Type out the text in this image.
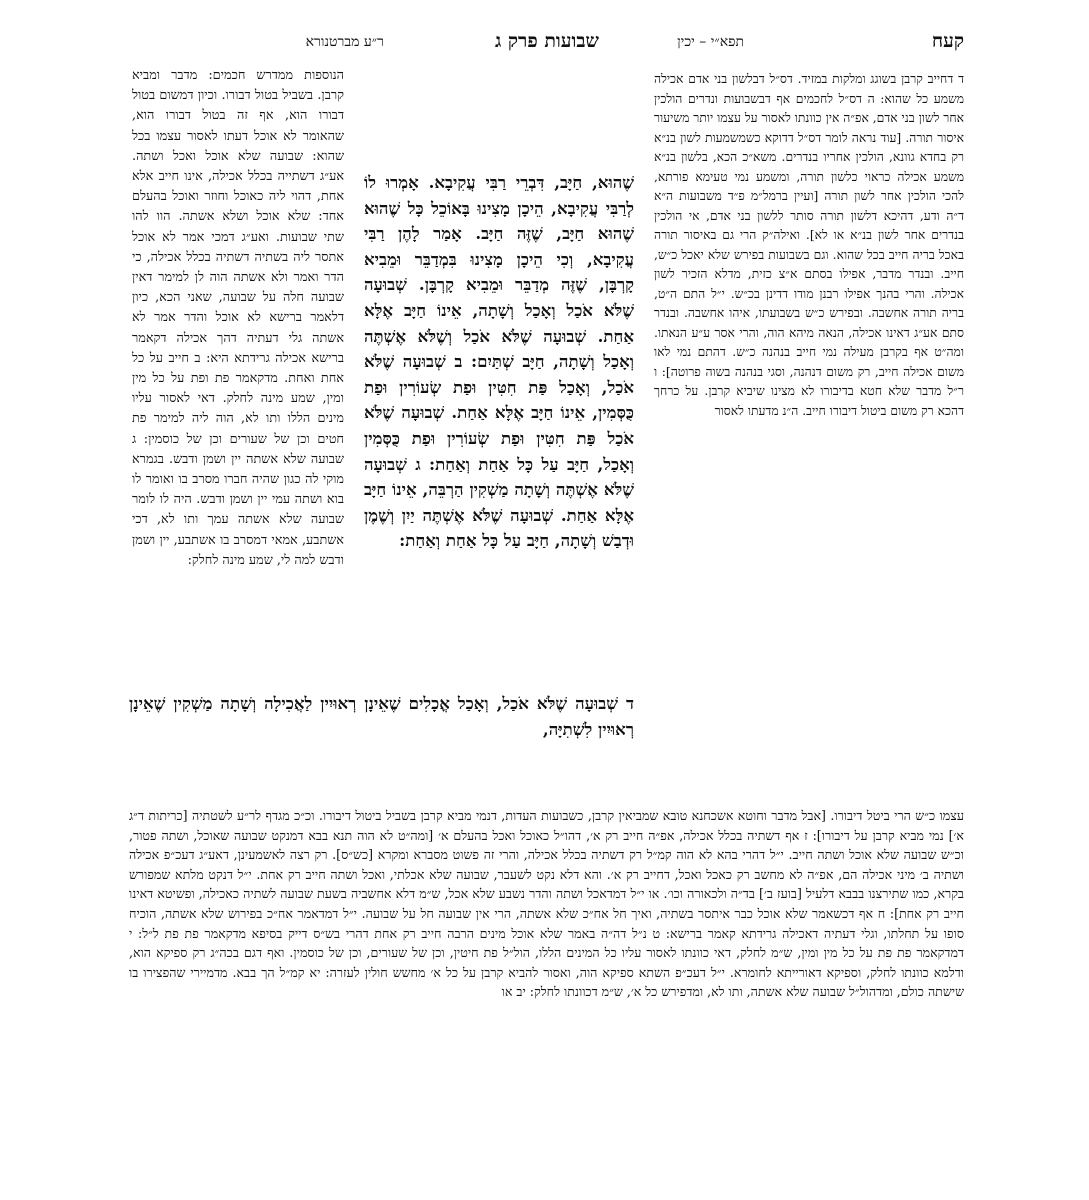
קעח
תפא״י – יכין
שבועות פרק ג
ר״ע מברטנורא

ד דחייב קרבן בשוגג ומלקות במזיד. דס״ל דבלשון בני אדם אכילה משמע כל שהוא: ה דס״ל לחכמים אף דבשבועות ונדרים הולכין אחר לשון בני אדם, אפ״ה אין כוונתו לאסור על עצמו יותר משיעור איסור תורה. [עוד נראה לומר דס״ל דדוקא כשמשמעות לשון בנ״א רק בחדא גוונא, הולכין אחריו בנדרים. משא״כ הכא, בלשון בנ״א משמע אכילה כראוי כלשון תורה, ומשמע נמי טעימא פורתא, להכי הולכין אחר לשון תורה [ועיין ברמל״מ פ״ד משבועות ה״א ד״ה ודע, דהיכא דלשון תורה סותר ללשון בני אדם, אי הולכין בנדרים אחר לשון בנ״א או לא]. ואילה״ק הרי גם באיסור תורה באכל בריה חייב בכל שהוא. וגם בשבועות בפירש שלא יאכל כ״ש, חייב. ובנדר מדבר, אפילו בסתם א״צ כזית, מדלא הזכיר לשון אכילה. והרי בהנך אפילו רבנן מודו דדינן בכ״ש. י״ל התם ה״ט, בריה תורה אחשבה. ובפירש כ״ש בשבועתו, איהו אחשבה. ובנדר סתם אע״ג דאינו אכילה, הנאה מיהא הוה, והרי אסר ע״ע הנאתו. ומה״ט אף בקרבן מעילה נמי חייב בנהנה כ״ש. דהתם נמי לאו משום אכילה חייב, רק משום דנהנה, וסגי בנהנה בשוה פרוטה]: ו ר״ל מדבר שלא חטא בדיבורו לא מצינו שיביא קרבן. על כרחך דהכא רק משום ביטול דיבורו חייב. ה״נ מדעתו לאסור

שֶׁהוּא, חַיָּב, דִּבְרֵי רַבִּי עֲקִיבָא. אָמְרוּ לוֹ לְרַבִּי עֲקִיבָא, הֵיכָן מָצִינוּ בָּאוֹכֵל כָּל שֶׁהוּא שֶׁהוּא חַיָּב, שֶׁזֶּה חַיָּב. אָמַר לָהֶן רַבִּי עֲקִיבָא, וְכִי הֵיכָן מָצִינוּ בִּמְדַבֵּר וּמֵבִיא קָרְבָּן, שֶׁזֶּה מְדַבֵּר וּמֵבִיא קָרְבָּן. שְׁבוּעָה שֶׁלֹּא אֹכַל וְאָכַל וְשָׁתָה, אֵינוֹ חַיָּב אֶלָּא אַחַת. שְׁבוּעָה שֶׁלֹּא אֹכַל וְשֶׁלֹּא אֶשְׁתֶּה וְאָכַל וְשָׁתָה, חַיָּב שְׁתַּיִם: ב שְׁבוּעָה שֶׁלֹּא אֹכַל, וְאָכַל פַּת חִטִּין וּפַת שְׂעוֹרִין וּפַת כֻּסְּמִין, אֵינוֹ חַיָּב אֶלָּא אַחַת. שְׁבוּעָה שֶׁלֹּא אֹכַל פַּת חִטִּין וּפַת שְׂעוֹרִין וּפַת כֻּסְּמִין וְאָכַל, חַיָּב עַל כָּל אַחַת וְאַחַת: ג שְׁבוּעָה שֶׁלֹּא אֶשְׁתֶּה וְשָׁתָה מַשְׁקִין הַרְבֵּה, אֵינוֹ חַיָּב אֶלָּא אַחַת. שְׁבוּעָה שֶׁלֹּא אֶשְׁתֶּה יַיִן וְשֶׁמֶן וּדְבַשׁ וְשָׁתָה, חַיָּב עַל כָּל אַחַת וְאַחַת:

הנוספות ממדרש חכמים: מדבר ומביא קרבן. בשביל בטול דבורו. וכיון דמשום בטול דבורו הוא, אף זה בטול דבורו הוא, שהאומר לא אוכל דעתו לאסור עצמו בכל שהוא: שבועה שלא אוכל ואכל ושתה. אע״ג דשתייה בכלל אכילה, אינו חייב אלא אחת, דהוי ליה כאוכל וחוזר ואוכל בהעלם אחד: שלא אוכל ושלא אשתה. הוו להו שתי שבועות. ואע״ג דמכי אמר לא אוכל אתסר ליה בשתיה דשתיה בכלל אכילה, כי הדר ואמר ולא אשתה הוה לן למימר דאין שבועה חלה על שבועה, שאני הכא, כיון דלאמר ברישא לא אוכל והדר אמר לא אשתה גלי דעתיה דהך אכילה דקאמר ברישא אכילה גרידתא היא: ב חייב על כל אחת ואחת. מדקאמר פת ופת על כל מין ומין, שמע מינה לחלק. דאי לאסור עליו מינים הללו ותו לא, הוה ליה למימר פת חטים וכן של שעורים וכן של כוסמין: ג שבועה שלא אשתה יין ושמן ודבש. בגמרא מוקי לה כגון שהיה חברו מסרב בו ואומר לו בוא ושתה עמי יין ושמן ודבש. היה לו לומר שבועה שלא אשתה עמך ותו לא, דכי אשתבע, אמאי דמסרב בו אשתבע, יין ושמן ודבש למה לי, שמע מינה לחלק:

ד שְׁבוּעָה שֶׁלֹּא אֹכַל, וְאָכַל אֳכָלִים שֶׁאֵינָן רְאוּיִין לַאֲכִילָה וְשָׁתָה מַשְׁקִין שֶׁאֵינָן רְאוּיִין לִשְׁתִיָּה,

עצמו כ״ש הרי ביטל דיבורו. [אבל מדבר וחוטא אשכחנא טובא שמביאין קרבן, כשבועות העדות, דנמי מביא קרבן בשביל ביטול דיבורו. וכ״כ מגדף לר״ע לשטתיה [כריתות ד״ג א׳] נמי מביא קרבן על דיבורו]: ז אף דשתיה בכלל אכילה, אפ״ה חייב רק א׳, דהו״ל כאוכל ואכל בהעלם א׳ [ומה״ט לא הוה תנא בבא דמנקט שבועה שאוכל, ושתה פטור, וכ״ש שבועה שלא אוכל ושתה חייב. י״ל דהרי בהא לא הוה קמ״ל רק דשתיה בכלל אכילה, והרי זה פשוט מסברא ומקרא [כש״ס]. רק רצה לאשמעינן, דאע״ג דעכ״פ אכילה ושתיה ב׳ מיני אכילה הם, אפ״ה לא מחשב רק כאכל ואכל, דחייב רק א׳. והא דלא נקט לשעבר, שבועה שלא אכלתי, ואכל ושתה חייב רק אחת. י״ל דנקט מלתא שמפורש בקרא, כמו שתירצנו בבבא דלעיל [בועז ב׳] בד״ה ולכאורה וכו׳. או י״ל דמדאכל ושתה והדר נשבע שלא אכל, ש״מ דלא אחשביה בשעת שבועה לשתיה כאכילה, ופשיטא דאינו חייב רק אחת]: ח אף דכשאמר שלא אוכל כבר איתסר בשתיה, ואיך חל אח״כ שלא אשתה, הרי אין שבועה חל על שבועה. י״ל דמדאמר אח״כ בפירוש שלא אשתה, הוכיח סופו על תחלתו, וגלי דעתיה דאכילה גרידתא קאמר ברישא: ט נ״ל דה״ה באמר שלא אוכל מינים הרבה חייב רק אחת דהרי בש״ס דייק בסיפא מדקאמר פת פת ל״ל: י דמדקאמר פת פת על כל מין ומין, ש״מ לחלק, דאי כוונתו לאסור עליו כל המינים הללו, הול״ל פת חיטין, וכן של שעורים, וכן של כוסמין. ואף דגם בכה״ג רק ספיקא הוא, ודלמא כוונתו לחלק, וספיקא דאורייתא לחומרא. י״ל דעכ״פ השתא ספיקא הוה, ואסור להביא קרבן על כל א׳ מחשש חולין לעזרה: יא קמ״ל הך בבא. מדמיירי שהפצירו בו שישתה כולם, ומדהול״ל שבועה שלא אשתה, ותו לא, ומדפירש כל א׳, ש״מ דכוונתו לחלק: יב או
